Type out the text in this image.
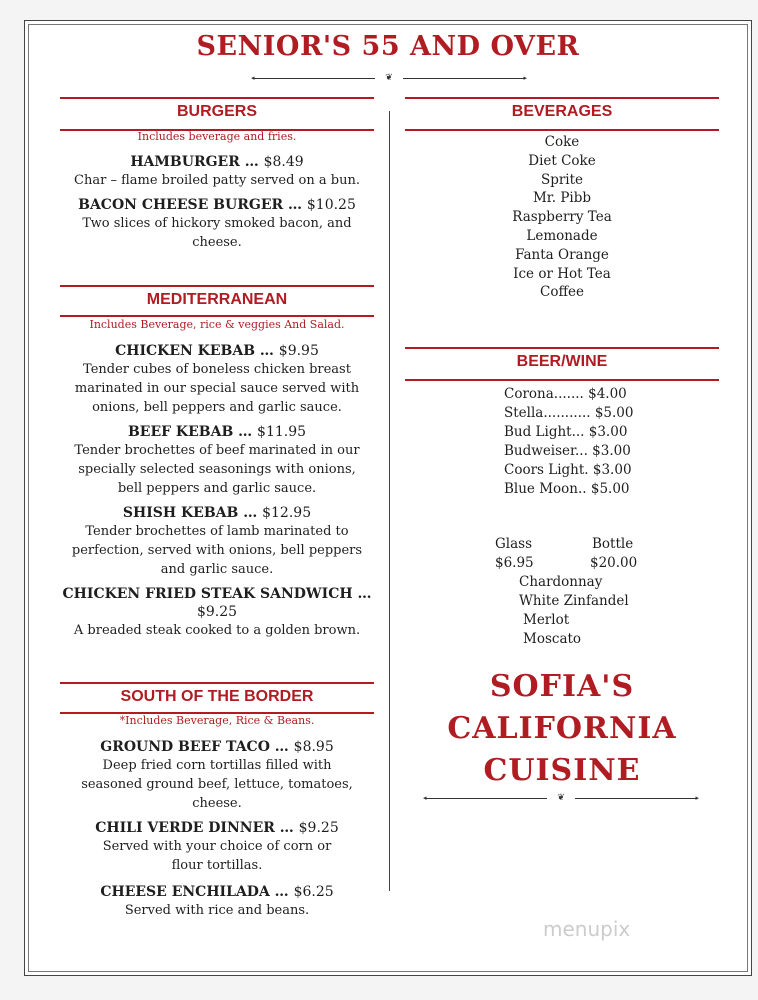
SENIOR'S 55 AND OVER
◂	▸
❦
BURGERS
Includes beverage and fries.
HAMBURGER … $8.49
Char – flame broiled patty served on a bun.
BACON CHEESE BURGER … $10.25
Two slices of hickory smoked bacon, and cheese.
MEDITERRANEAN
Includes Beverage, rice & veggies And Salad.
CHICKEN KEBAB … $9.95
Tender cubes of boneless chicken breast marinated in our special sauce served with onions, bell peppers and garlic sauce.
BEEF KEBAB … $11.95
Tender brochettes of beef marinated in our specially selected seasonings with onions, bell peppers and garlic sauce.
SHISH KEBAB … $12.95
Tender brochettes of lamb marinated to perfection, served with onions, bell peppers and garlic sauce.
CHICKEN FRIED STEAK SANDWICH … $9.25
A breaded steak cooked to a golden brown.
SOUTH OF THE BORDER
*Includes Beverage, Rice & Beans.
GROUND BEEF TACO … $8.95
Deep fried corn tortillas filled with seasoned ground beef, lettuce, tomatoes, cheese.
CHILI VERDE DINNER … $9.25
Served with your choice of corn or flour tortillas.
CHEESE ENCHILADA … $6.25
Served with rice and beans.
BEVERAGES
Coke
Diet Coke
Sprite
Mr. Pibb
Raspberry Tea
Lemonade
Fanta Orange
Ice or Hot Tea
Coffee
BEER/WINE
Corona....... $4.00
Stella........... $5.00
Bud Light... $3.00
Budweiser... $3.00
Coors Light. $3.00
Blue Moon.. $5.00
Glass	Bottle
$6.95	$20.00
Chardonnay
White Zinfandel
Merlot
Moscato
SOFIA'S
CALIFORNIA
CUISINE
◂	▸
❦
menupix
